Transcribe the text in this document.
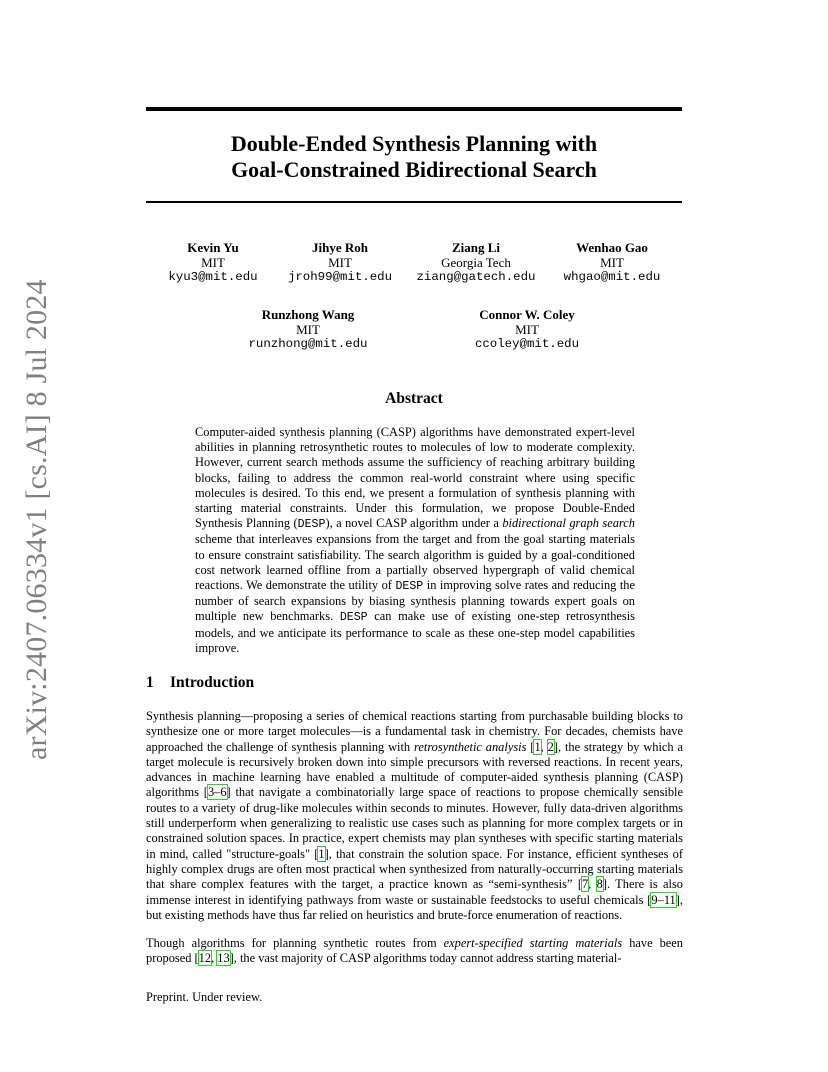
arXiv:2407.06334v1 [cs.AI] 8 Jul 2024
Double-Ended Synthesis Planning with
Goal-Constrained Bidirectional Search
Kevin Yu
MIT
kyu3@mit.edu
Jihye Roh
MIT
jroh99@mit.edu
Ziang Li
Georgia Tech
ziang@gatech.edu
Wenhao Gao
MIT
whgao@mit.edu
Runzhong Wang
MIT
runzhong@mit.edu
Connor W. Coley
MIT
ccoley@mit.edu
Abstract
Computer-aided synthesis planning (CASP) algorithms have demonstrated expert-level abilities in planning retrosynthetic routes to molecules of low to moderate complexity. However, current search methods assume the sufficiency of reaching arbitrary building blocks, failing to address the common real-world constraint where using specific molecules is desired. To this end, we present a formulation of synthesis planning with starting material constraints. Under this formulation, we propose Double-Ended Synthesis Planning (DESP), a novel CASP algorithm under a bidirectional graph search scheme that interleaves expansions from the target and from the goal starting materials to ensure constraint satisfiability. The search algorithm is guided by a goal-conditioned cost network learned offline from a partially observed hypergraph of valid chemical reactions. We demonstrate the utility of DESP in improving solve rates and reducing the number of search expansions by biasing synthesis planning towards expert goals on multiple new benchmarks. DESP can make use of existing one-step retrosynthesis models, and we anticipate its performance to scale as these one-step model capabilities improve.
1 Introduction
Synthesis planning—proposing a series of chemical reactions starting from purchasable building blocks to synthesize one or more target molecules—is a fundamental task in chemistry. For decades, chemists have approached the challenge of synthesis planning with retrosynthetic analysis [1, 2], the strategy by which a target molecule is recursively broken down into simple precursors with reversed reactions. In recent years, advances in machine learning have enabled a multitude of computer-aided synthesis planning (CASP) algorithms [3–6] that navigate a combinatorially large space of reactions to propose chemically sensible routes to a variety of drug-like molecules within seconds to minutes. However, fully data-driven algorithms still underperform when generalizing to realistic use cases such as planning for more complex targets or in constrained solution spaces. In practice, expert chemists may plan syntheses with specific starting materials in mind, called "structure-goals" [1], that constrain the solution space. For instance, efficient syntheses of highly complex drugs are often most practical when synthesized from naturally-occurring starting materials that share complex features with the target, a practice known as “semi-synthesis” [7, 8]. There is also immense interest in identifying pathways from waste or sustainable feedstocks to useful chemicals [9–11], but existing methods have thus far relied on heuristics and brute-force enumeration of reactions.
Though algorithms for planning synthetic routes from expert-specified starting materials have been proposed [12, 13], the vast majority of CASP algorithms today cannot address starting material-
Preprint. Under review.
